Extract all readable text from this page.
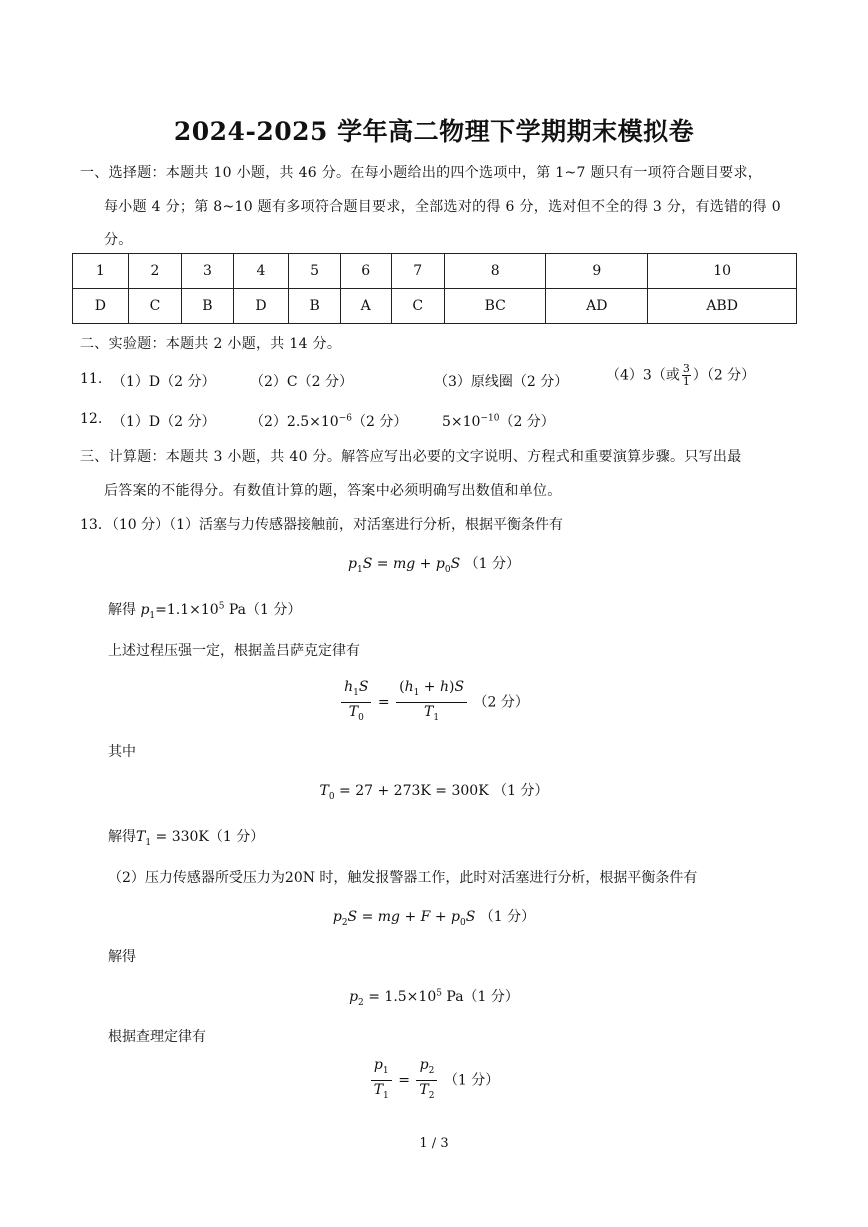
2024-2025 学年高二物理下学期期末模拟卷
一、选择题：本题共 10 小题，共 46 分。在每小题给出的四个选项中，第 1~7 题只有一项符合题目要求，
每小题 4 分；第 8~10 题有多项符合题目要求，全部选对的得 6 分，选对但不全的得 3 分，有选错的得 0
分。
1	2	3	4	5	6	7	8	9	10
D	C	B	D	B	A	C	BC	AD	ABD
二、实验题：本题共 2 小题，共 14 分。
11. （1）D（2 分） （2）C（2 分）	（3）原线圈（2 分）	（4）3（或 $\frac{3}{1} )(2$ 分）
12. （1）D（2 分） $(2)2.5\times 10^{-6}(2$ 分） $5\times 10^{-10}(2$ 分）
三、计算题：本题共 3 小题，共 40 分。解答应写出必要的文字说明、方程式和重要演算步骤。只写出最
后答案的不能得分。有数值计算的题，答案中必须明确写出数值和单位。
13．（10 分）（1）活塞与力传感器接触前，对活塞进行分析，根据平衡条件有
$p_1S$ = mg + $p_0S$ （1 分）
解得 $p_1=1.1\times 10^5$ Pa（1 分）
上述过程压强一定，根据盖吕萨克定律有
$\frac{h_1S}{T_0} = \frac{(h_1 + h)S}{T_1} (2$ 分）
其中
$T_0 = 27 + 273K = 300K$ （1 分）
解得$T_1 = 330K(1$ 分）
（2）压力传感器所受压力为20N 时，触发报警器工作，此时对活塞进行分析，根据平衡条件有
$p_2S$ = mg + $F + p_0S$ （1 分）
解得
$p_2 = 1.5\times 10^5$ Pa（1 分）
根据查理定律有
$\frac{p_1}{T_1} = \frac{p_2}{T_2} (1$ 分）
1 / 3
